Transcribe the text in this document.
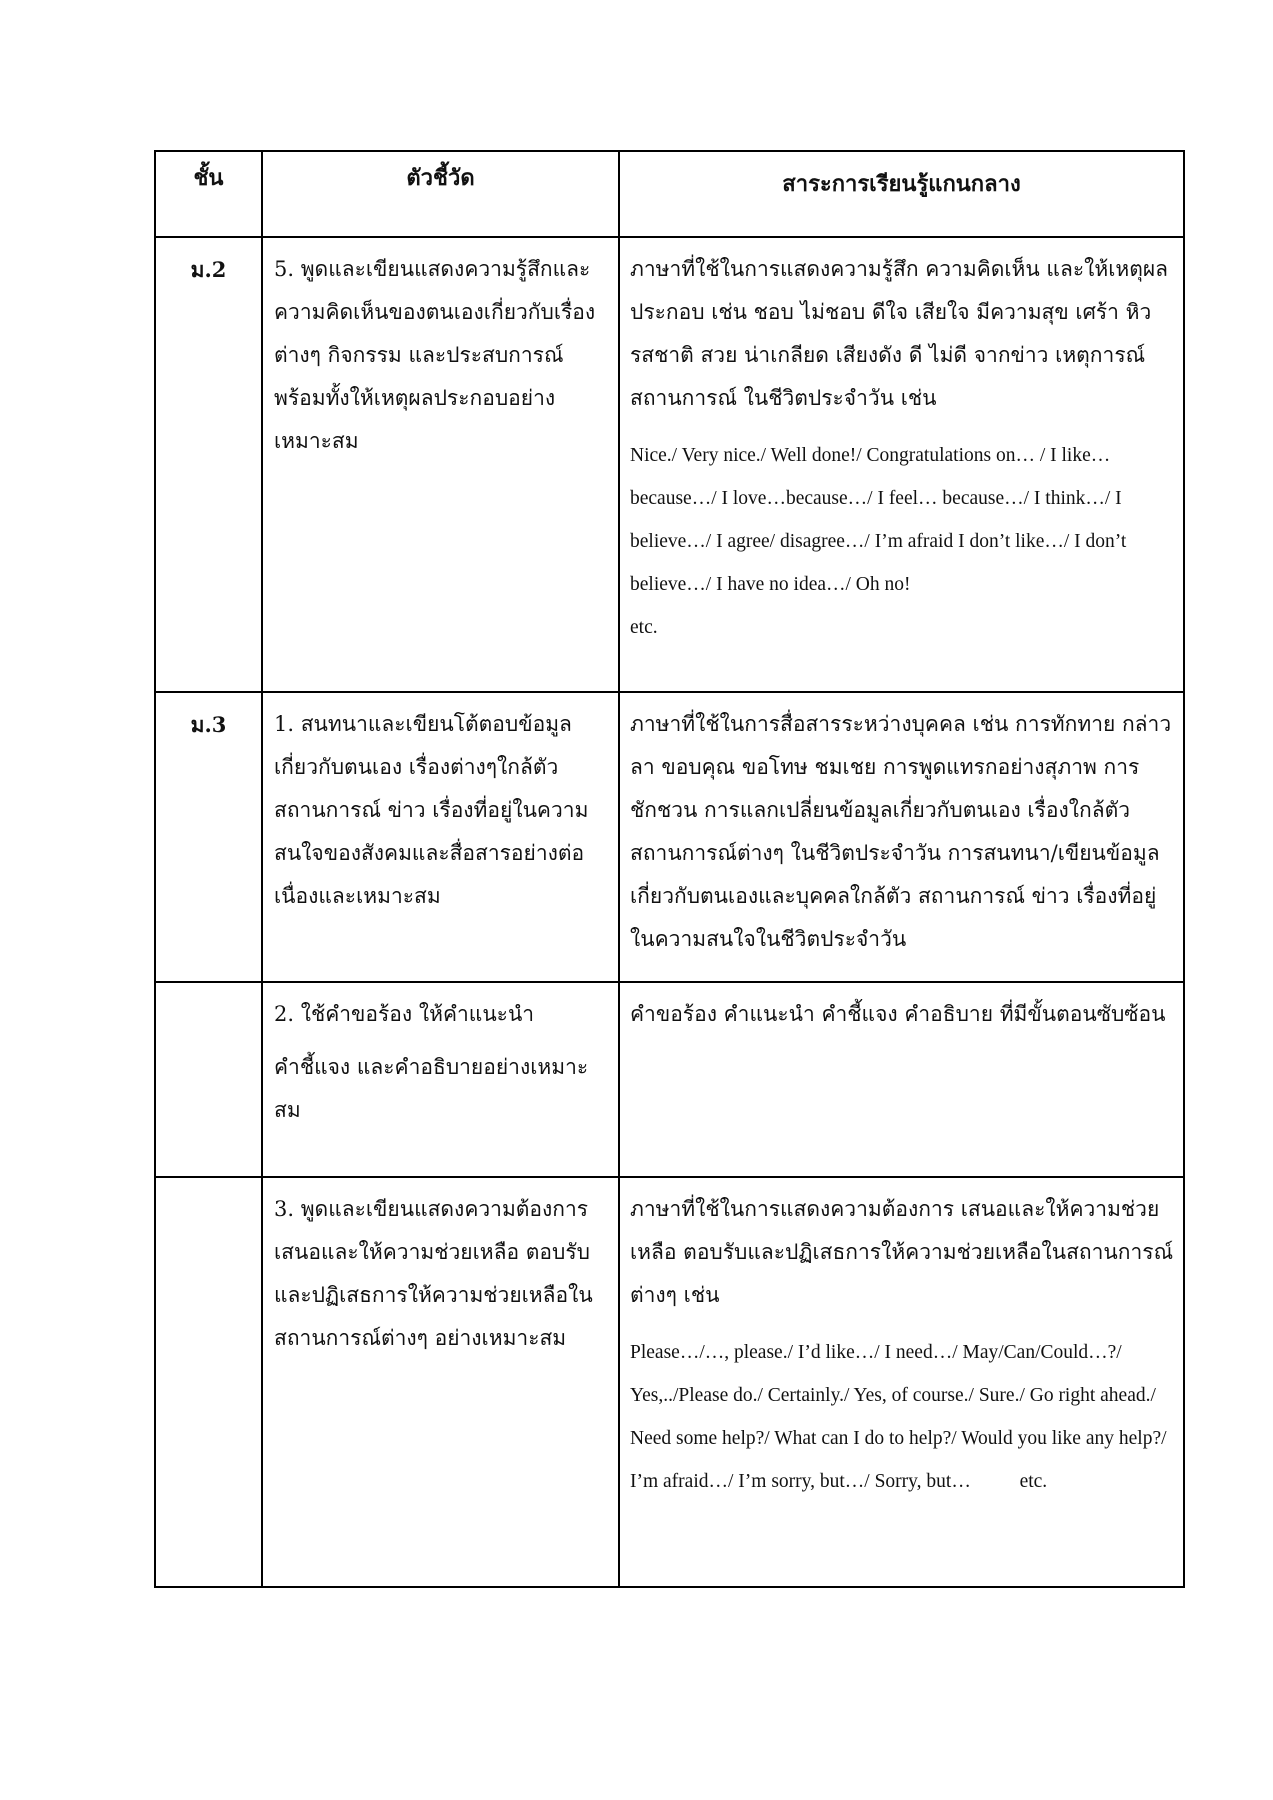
ชั้น	ตัวชี้วัด	สาระการเรียนรู้แกนกลาง
ม.2	5. พูดและเขียนแสดงความรู้สึกและความคิดเห็นของตนเองเกี่ยวกับเรื่องต่างๆ กิจกรรม และประสบการณ์ พร้อมทั้งให้เหตุผลประกอบอย่างเหมาะสม	ภาษาที่ใช้ในการแสดงความรู้สึก ความคิดเห็น และให้เหตุผลประกอบ เช่น ชอบ ไม่ชอบ ดีใจ เสียใจ มีความสุข เศร้า หิว รสชาติ สวย น่าเกลียด เสียงดัง ดี ไม่ดี จากข่าว เหตุการณ์ สถานการณ์ ในชีวิตประจำวัน เช่น

Nice./ Very nice./ Well done!/ Congratulations on… / I like…because…/ I love…because…/ I feel… because…/ I think…/ I believe…/ I agree/ disagree…/ I’m afraid I don’t like…/ I don’t believe…/ I have no idea…/ Oh no!

etc.

ม.3	1. สนทนาและเขียนโต้ตอบข้อมูลเกี่ยวกับตนเอง เรื่องต่างๆใกล้ตัว สถานการณ์ ข่าว เรื่องที่อยู่ในความสนใจของสังคมและสื่อสารอย่างต่อเนื่องและเหมาะสม	ภาษาที่ใช้ในการสื่อสารระหว่างบุคคล เช่น การทักทาย กล่าวลา ขอบคุณ ขอโทษ ชมเชย การพูดแทรกอย่างสุภาพ การชักชวน การแลกเปลี่ยนข้อมูลเกี่ยวกับตนเอง เรื่องใกล้ตัว สถานการณ์ต่างๆ ในชีวิตประจำวัน การสนทนา/เขียนข้อมูลเกี่ยวกับตนเองและบุคคลใกล้ตัว สถานการณ์ ข่าว เรื่องที่อยู่ในความสนใจในชีวิตประจำวัน

	2. ใช้คำขอร้อง ให้คำแนะนำ

คำชี้แจง และคำอธิบายอย่างเหมาะสม	คำขอร้อง คำแนะนำ คำชี้แจง คำอธิบาย ที่มีขั้นตอนซับซ้อน
	3. พูดและเขียนแสดงความต้องการ เสนอและให้ความช่วยเหลือ ตอบรับและปฏิเสธการให้ความช่วยเหลือในสถานการณ์ต่างๆ อย่างเหมาะสม	ภาษาที่ใช้ในการแสดงความต้องการ เสนอและให้ความช่วยเหลือ ตอบรับและปฏิเสธการให้ความช่วยเหลือในสถานการณ์ต่างๆ เช่น

Please…/…, please./ I’d like…/ I need…/ May/Can/Could…?/ Yes,../Please do./ Certainly./ Yes, of course./ Sure./ Go right ahead./ Need some help?/ What can I do to help?/ Would you like any help?/ I’m afraid…/ I’m sorry, but…/ Sorry, but… etc.
